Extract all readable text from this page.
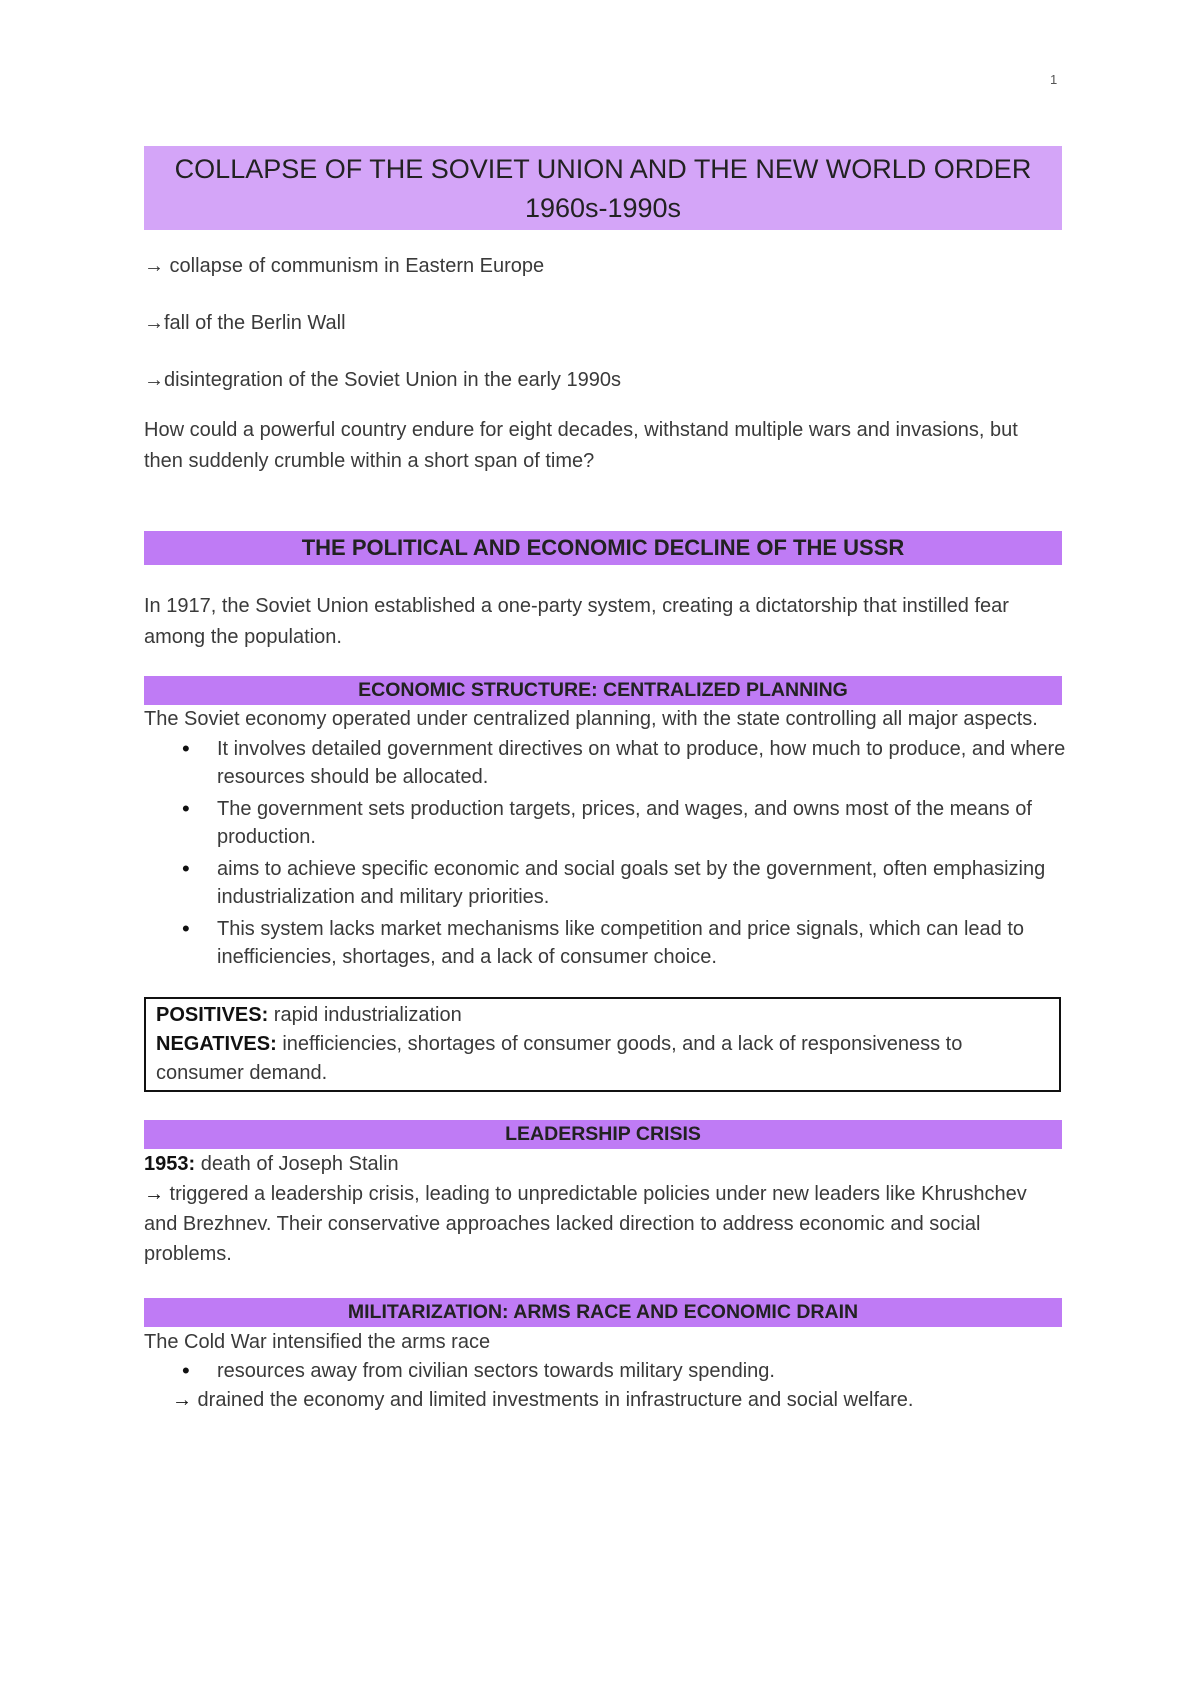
1
COLLAPSE OF THE SOVIET UNION AND THE NEW WORLD ORDER
1960s-1990s
→ collapse of communism in Eastern Europe
→fall of the Berlin Wall
→disintegration of the Soviet Union in the early 1990s
How could a powerful country endure for eight decades, withstand multiple wars and invasions, but then suddenly crumble within a short span of time?
THE POLITICAL AND ECONOMIC DECLINE OF THE USSR
In 1917, the Soviet Union established a one-party system, creating a dictatorship that instilled fear among the population.
ECONOMIC STRUCTURE: CENTRALIZED PLANNING
The Soviet economy operated under centralized planning, with the state controlling all major aspects.
• It involves detailed government directives on what to produce, how much to produce, and where resources should be allocated.
• The government sets production targets, prices, and wages, and owns most of the means of production.
• aims to achieve specific economic and social goals set by the government, often emphasizing industrialization and military priorities.
• This system lacks market mechanisms like competition and price signals, which can lead to inefficiencies, shortages, and a lack of consumer choice.
POSITIVES: rapid industrialization
NEGATIVES: inefficiencies, shortages of consumer goods, and a lack of responsiveness to consumer demand.
LEADERSHIP CRISIS
1953: death of Joseph Stalin
→ triggered a leadership crisis, leading to unpredictable policies under new leaders like Khrushchev and Brezhnev. Their conservative approaches lacked direction to address economic and social problems.
MILITARIZATION: ARMS RACE AND ECONOMIC DRAIN
The Cold War intensified the arms race
• resources away from civilian sectors towards military spending.
→ drained the economy and limited investments in infrastructure and social welfare.
